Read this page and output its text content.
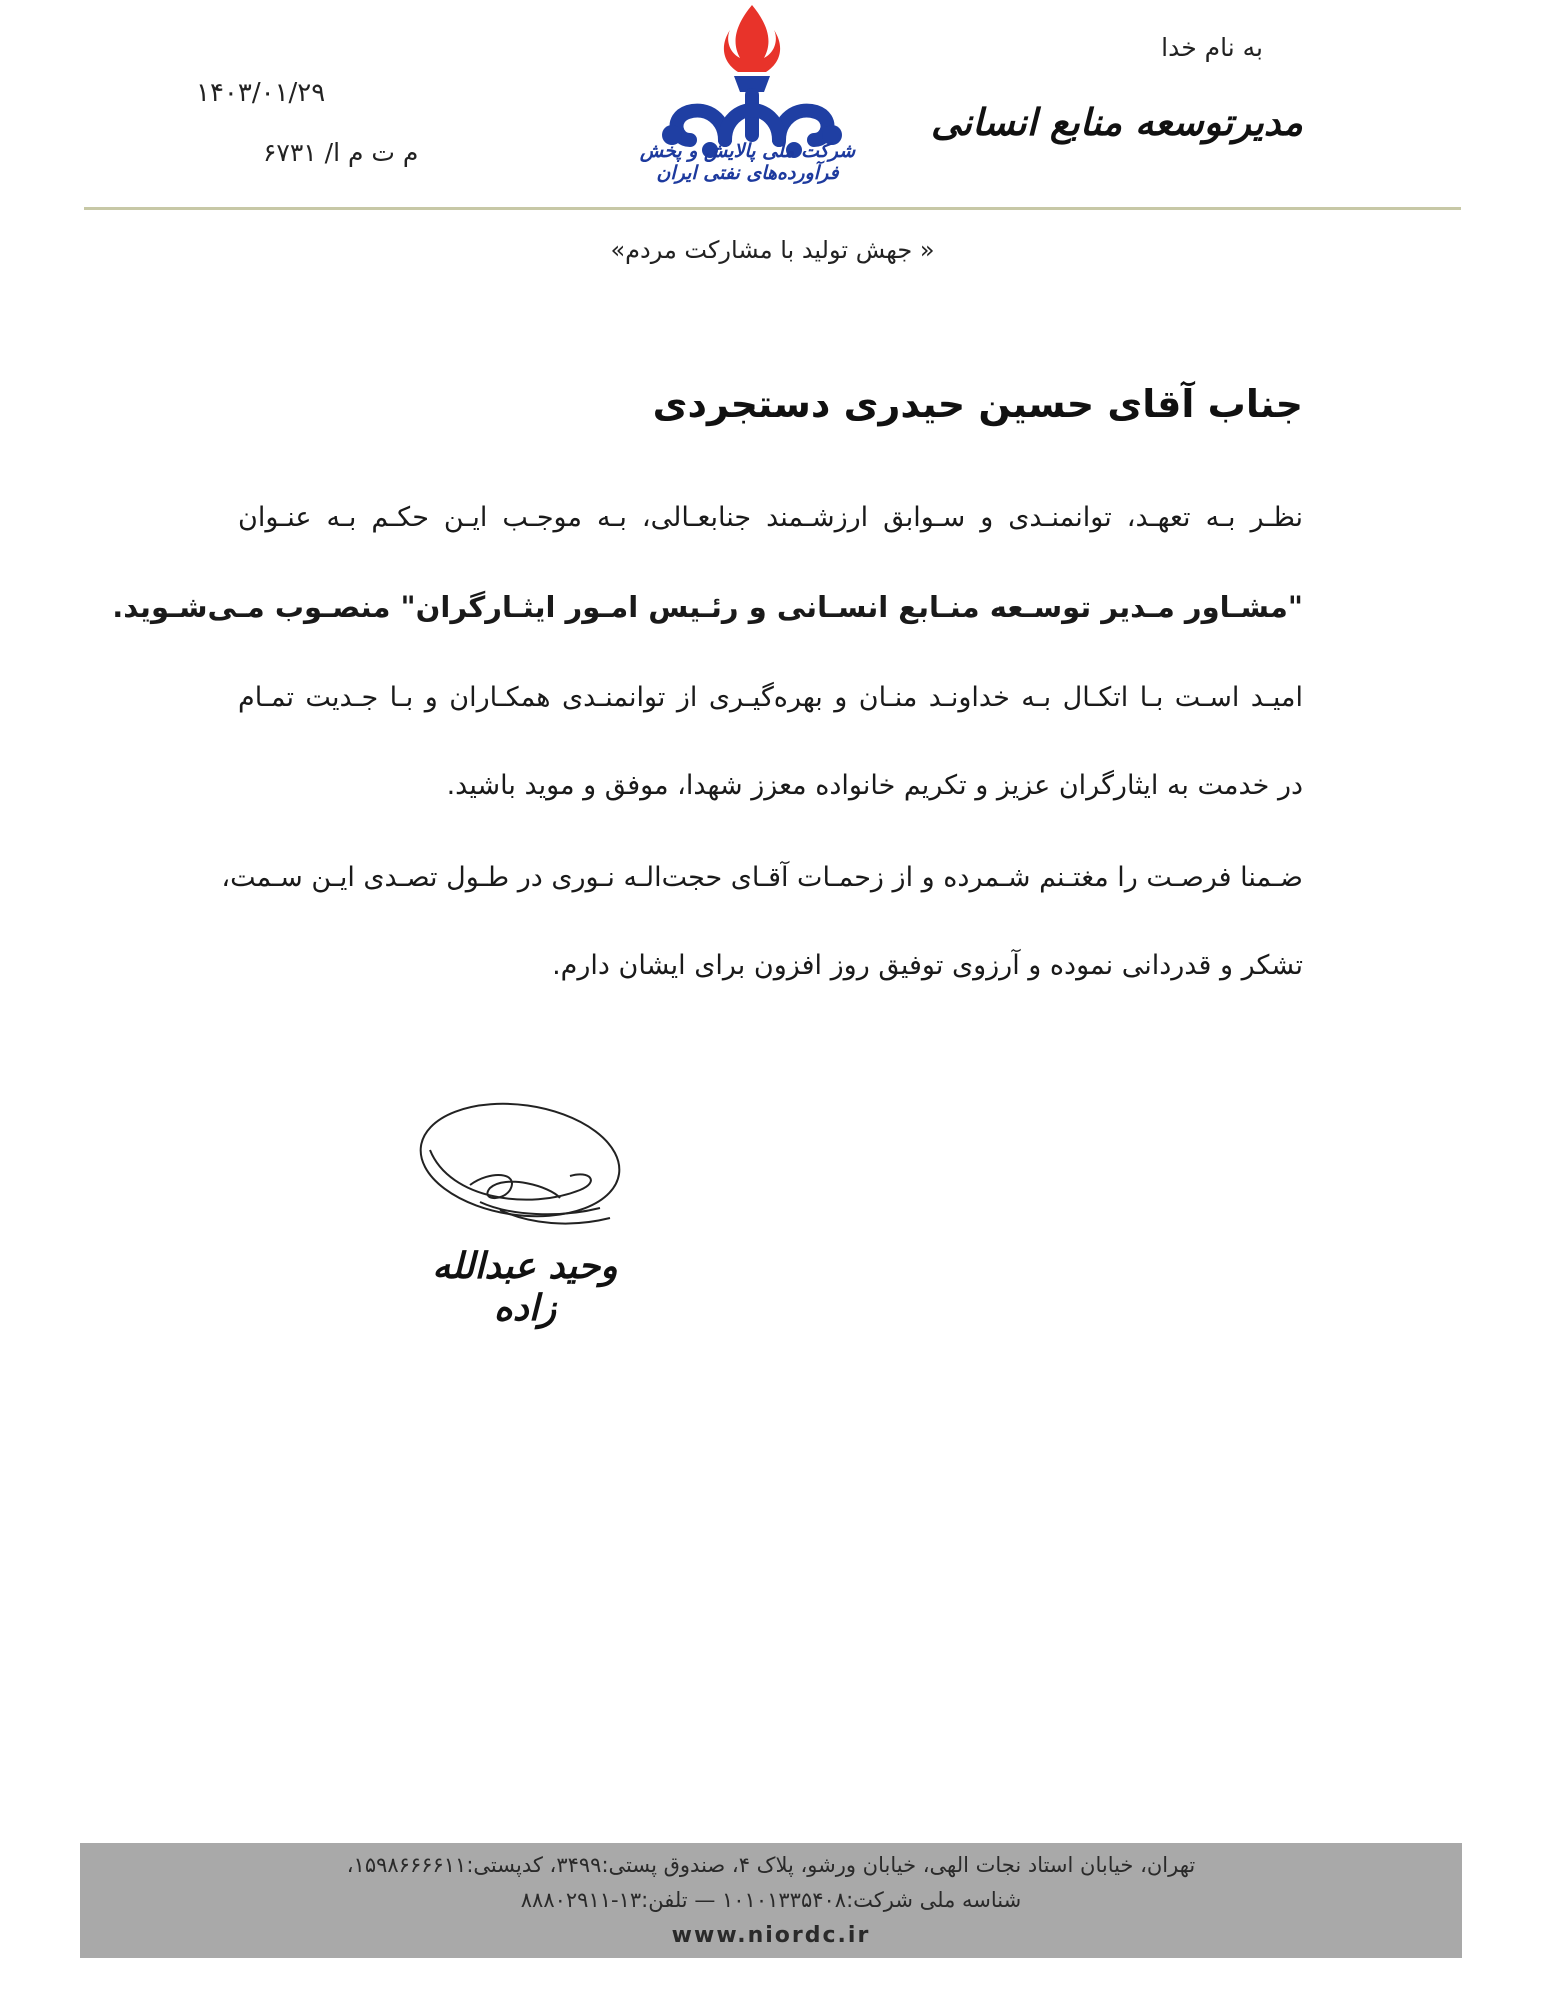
به نام خدا
مدیرتوسعه منابع انسانی
شرکت ملی پالایش و پخش فرآورده‌های نفتی ایران
۱۴۰۳/۰۱/۲۹
م ت م ا/ ۶۷۳۱
« جهش تولید با مشارکت مردم»
جناب آقای حسین حیدری دستجردی
نظـر بـه تعهـد، توانمنـدی و سـوابق ارزشـمند جنابعـالی، بـه موجـب ایـن حکـم بـه عنـوان
"مشـاور مـدیر توسـعه منـابع انسـانی و رئـیس امـور ایثـارگران" منصـوب مـی‌شـوید.
امیـد اسـت بـا اتکـال بـه خداونـد منـان و بهره‌گیـری از توانمنـدی همکـاران و بـا جـدیت تمـام
در خدمت به ایثارگران عزیز و تکریم خانواده معزز شهدا، موفق و موید باشید.
ضـمنا فرصـت را مغتـنم شـمرده و از زحمـات آقـای حجت‌الـه نـوری در طـول تصـدی ایـن سـمت،
تشکر و قدردانی نموده و آرزوی توفیق روز افزون برای ایشان دارم.
وحید عبدالله زاده
تهران، خیابان استاد نجات الهی، خیابان ورشو، پلاک ۴، صندوق پستی:۳۴۹۹، کدپستی:۱۵۹۸۶۶۶۶۱۱،
شناسه ملی شرکت:۱۰۱۰۱۳۳۵۴۰۸ — تلفن:۱۳-۸۸۸۰۲۹۱۱
www.niordc.ir
